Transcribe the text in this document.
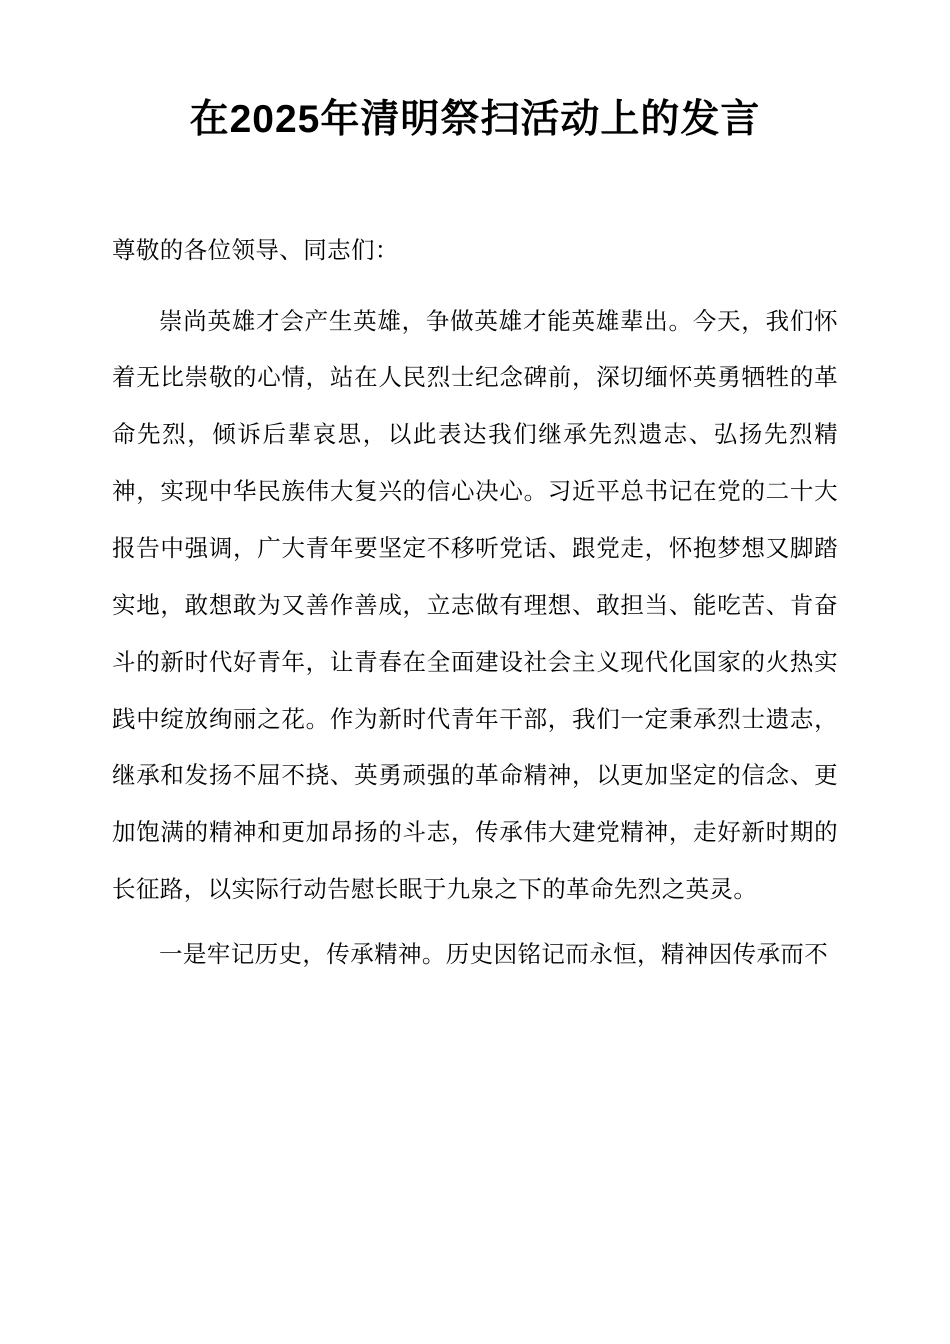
在2025年清明祭扫活动上的发言

尊敬的各位领导、同志们：

崇尚英雄才会产生英雄，争做英雄才能英雄辈出。今天，我们怀着无比崇敬的心情，站在人民烈士纪念碑前，深切缅怀英勇牺牲的革命先烈，倾诉后辈哀思，以此表达我们继承先烈遗志、弘扬先烈精神，实现中华民族伟大复兴的信心决心。习近平总书记在党的二十大报告中强调，广大青年要坚定不移听党话、跟党走，怀抱梦想又脚踏实地，敢想敢为又善作善成，立志做有理想、敢担当、能吃苦、肯奋斗的新时代好青年，让青春在全面建设社会主义现代化国家的火热实践中绽放绚丽之花。作为新时代青年干部，我们一定秉承烈士遗志，继承和发扬不屈不挠、英勇顽强的革命精神，以更加坚定的信念、更加饱满的精神和更加昂扬的斗志，传承伟大建党精神，走好新时期的长征路，以实际行动告慰长眠于九泉之下的革命先烈之英灵。

一是牢记历史，传承精神。历史因铭记而永恒，精神因传承而不
